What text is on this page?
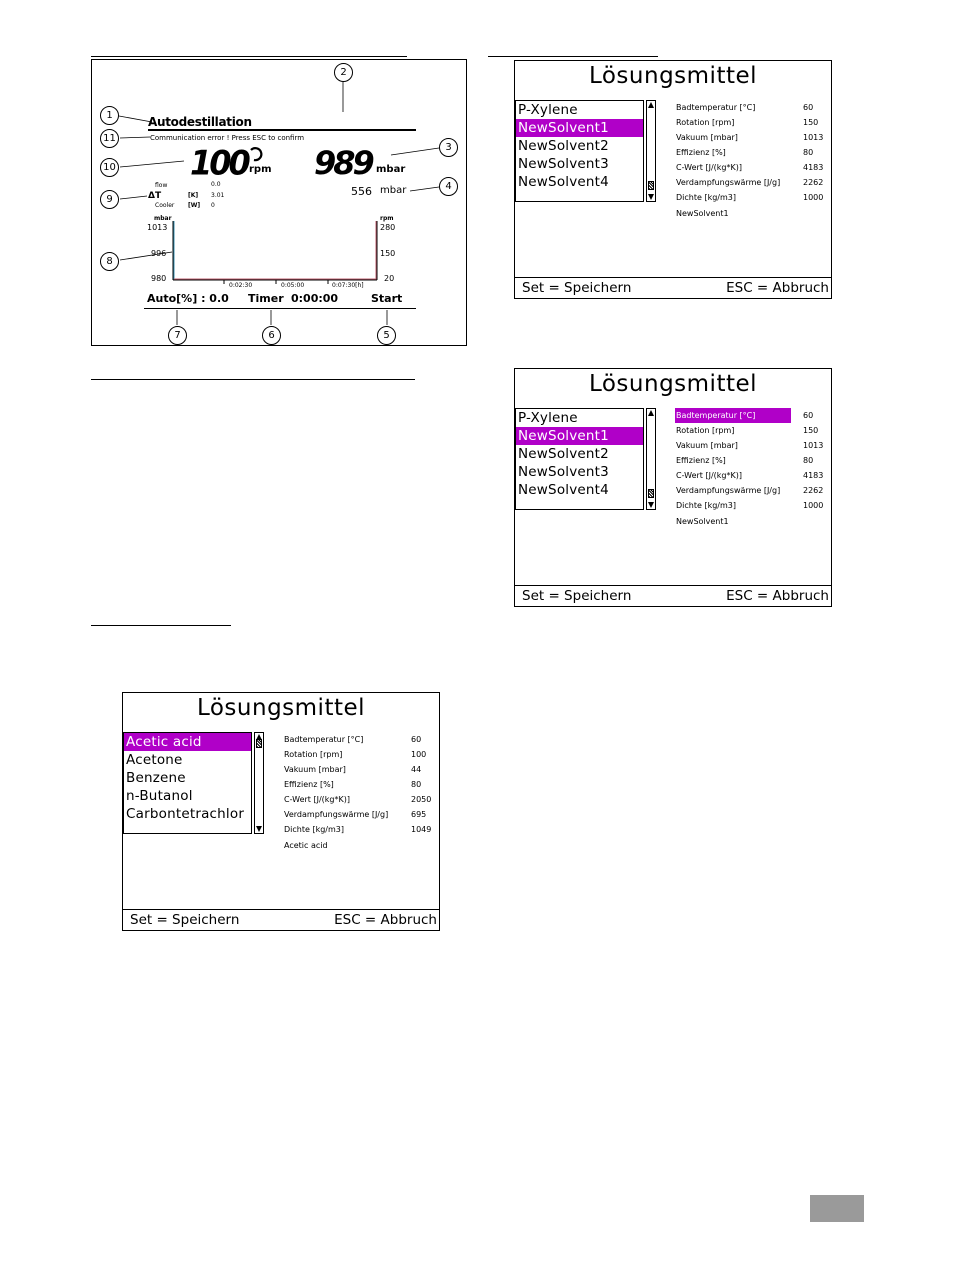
Autodestillation
Communication error ! Press ESC to confirm
100 rpm 989 mbar
556 mbar
flow	0.0
ΔT	[K] 3.01
Cooler [W] 0
mbar	rpm
1013
996
980
280
150
20
0:02:30	0:05:00	0:07:30[h]
Auto[%] : 0.0 Timer 0:00:00	Start
1
2
3
4
5
6
7
8
9
10
11
Lösungsmittel
P-Xylene
NewSolvent1
NewSolvent2
NewSolvent3
NewSolvent4
Badtemperatur [°C]	60
Rotation [rpm]	150
Vakuum [mbar]	1013
Effizienz [%]	80
C-Wert [J/(kg*K)]	4183
Verdampfungswärme [J/g]	2262
Dichte [kg/m3]	1000
NewSolvent1
Set = Speichern	ESC = Abbruch
Lösungsmittel
P-Xylene
NewSolvent1
NewSolvent2
NewSolvent3
NewSolvent4
Badtemperatur [°C]	60
Rotation [rpm]	150
Vakuum [mbar]	1013
Effizienz [%]	80
C-Wert [J/(kg*K)]	4183
Verdampfungswärme [J/g]	2262
Dichte [kg/m3]	1000
NewSolvent1
Set = Speichern	ESC = Abbruch
Lösungsmittel
Acetic acid
Acetone
Benzene
n-Butanol
Carbontetrachlor
Badtemperatur [°C]	60
Rotation [rpm]	100
Vakuum [mbar]	44
Effizienz [%]	80
C-Wert [J/(kg*K)]	2050
Verdampfungswärme [J/g]	695
Dichte [kg/m3]	1049
Acetic acid
Set = Speichern	ESC = Abbruch
